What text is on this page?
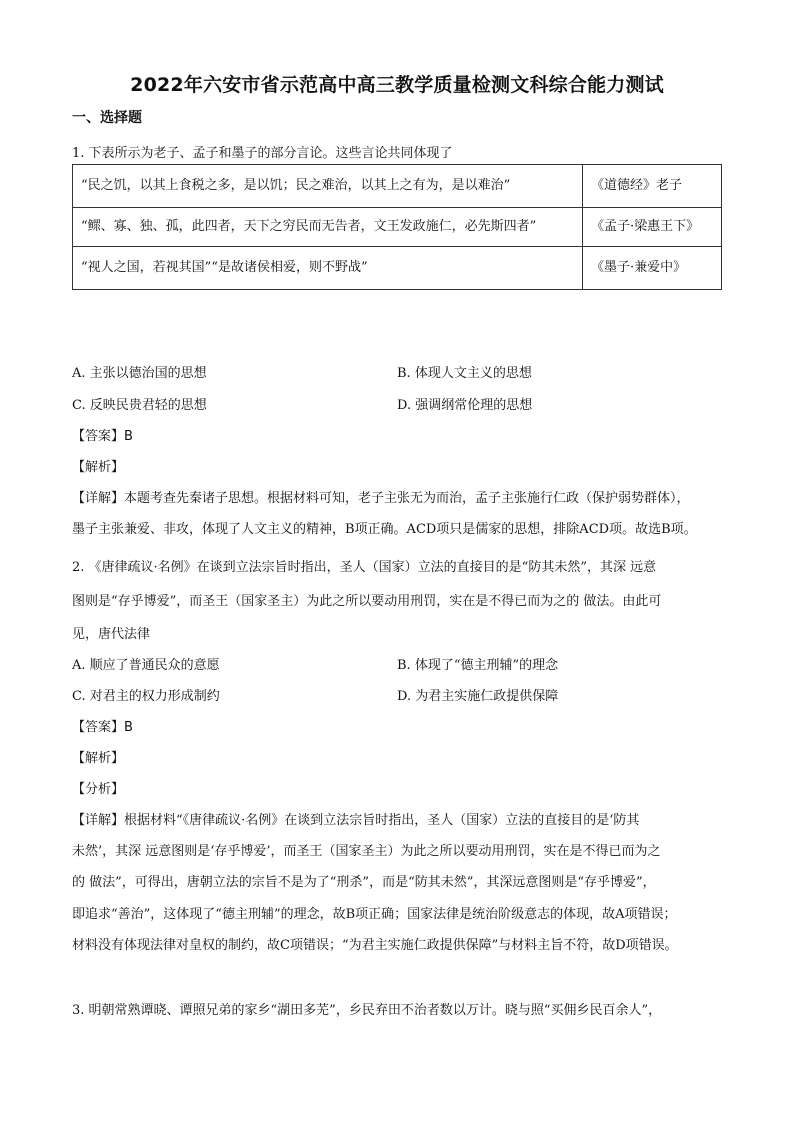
2022年六安市省示范高中高三教学质量检测文科综合能力测试
一、选择题
1. 下表所示为老子、孟子和墨子的部分言论。这些言论共同体现了
“民之饥，以其上食税之多，是以饥；民之难治，以其上之有为，是以难治”	《道德经》老子
“鳏、寡、独、孤，此四者，天下之穷民而无告者，文王发政施仁，必先斯四者”	《孟子·梁惠王下》
“视人之国，若视其国”“是故诸侯相爱，则不野战”	《墨子·兼爱中》
A. 主张以德治国的思想	B. 体现人文主义的思想
C. 反映民贵君轻的思想	D. 强调纲常伦理的思想
【答案】B
【解析】
【详解】本题考查先秦诸子思想。根据材料可知，老子主张无为而治，孟子主张施行仁政（保护弱势群体），
墨子主张兼爱、非攻，体现了人文主义的精神，B项正确。ACD项只是儒家的思想，排除ACD项。故选B项。
2. 《唐律疏议·名例》在谈到立法宗旨时指出，圣人（国家）立法的直接目的是“防其未然”，其深 远意
图则是“存乎博爱”，而圣王（国家圣主）为此之所以要动用刑罚，实在是不得已而为之的 做法。由此可
见，唐代法律
A. 顺应了普通民众的意愿	B. 体现了“德主刑辅”的理念
C. 对君主的权力形成制约	D. 为君主实施仁政提供保障
【答案】B
【解析】
【分析】
【详解】根据材料“《唐律疏议·名例》在谈到立法宗旨时指出，圣人（国家）立法的直接目的是‘防其
未然’，其深 远意图则是‘存乎博爱’，而圣王（国家圣主）为此之所以要动用刑罚，实在是不得已而为之
的 做法”，可得出，唐朝立法的宗旨不是为了“刑杀”，而是“防其未然”，其深远意图则是“存乎博爱”，
即追求“善治”，这体现了“德主刑辅”的理念，故B项正确；国家法律是统治阶级意志的体现，故A项错误；
材料没有体现法律对皇权的制约，故C项错误；“为君主实施仁政提供保障”与材料主旨不符，故D项错误。
3. 明朝常熟谭晓、谭照兄弟的家乡“湖田多芜”，乡民弃田不治者数以万计。晓与照“买佣乡民百余人”，
